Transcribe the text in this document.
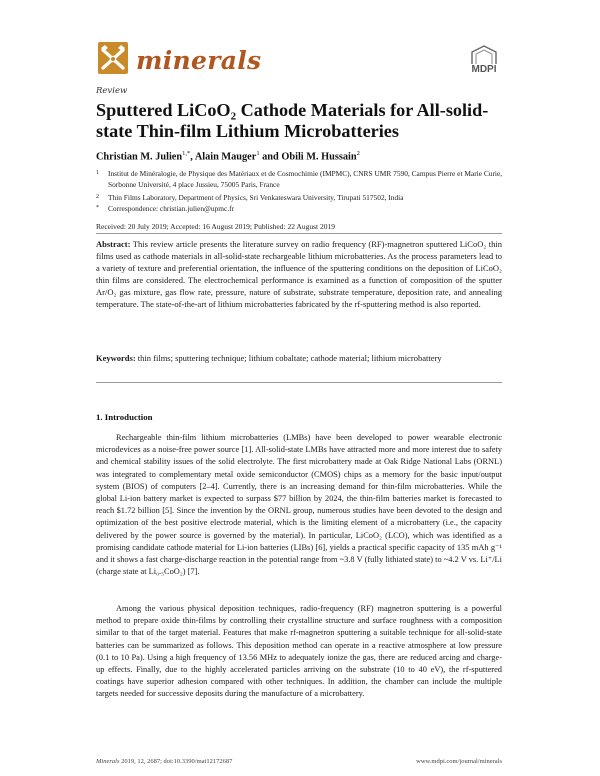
minerals	MDPI
Review
Sputtered LiCoO₂ Cathode Materials for All-solid-state Thin-film Lithium Microbatteries
Christian M. Julien$^{1,*}$, Alain Mauger$^1$ and Obili M. Hussain$^2$
1	Institut de Minéralogie, de Physique des Matériaux et de Cosmochimie (IMPMC), CNRS UMR 7590, Campus Pierre et Marie Curie, Sorbonne Université, 4 place Jussieu, 75005 Paris, France
2	Thin Films Laboratory, Department of Physics, Sri Venkateswara University, Tirupati 517502, India
*	Correspondence: christian.julien@upmc.fr
Received: 20 July 2019; Accepted: 16 August 2019; Published: 22 August 2019
Abstract: This review article presents the literature survey on radio frequency (RF)-magnetron sputtered LiCoO₂ thin films used as cathode materials in all-solid-state rechargeable lithium microbatteries. As the process parameters lead to a variety of texture and preferential orientation, the influence of the sputtering conditions on the deposition of LiCoO₂ thin films are considered. The electrochemical performance is examined as a function of composition of the sputter Ar/O₂ gas mixture, gas flow rate, pressure, nature of substrate, substrate temperature, deposition rate, and annealing temperature. The state-of-the-art of lithium microbatteries fabricated by the rf-sputtering method is also reported.
Keywords: thin films; sputtering technique; lithium cobaltate; cathode material; lithium microbattery
1. Introduction
Rechargeable thin-film lithium microbatteries (LMBs) have been developed to power wearable electronic microdevices as a noise-free power source [1]. All-solid-state LMBs have attracted more and more interest due to safety and chemical stability issues of the solid electrolyte. The first microbattery made at Oak Ridge National Labs (ORNL) was integrated to complementary metal oxide semiconductor (CMOS) chips as a memory for the basic input/output system (BIOS) of computers [2–4]. Currently, there is an increasing demand for thin-film microbatteries. While the global Li-ion battery market is expected to surpass $77 billion by 2024, the thin-film batteries market is forecasted to reach $1.72 billion [5]. Since the invention by the ORNL group, numerous studies have been devoted to the design and optimization of the best positive electrode material, which is the limiting element of a microbattery (i.e., the capacity delivered by the power source is governed by the material). In particular, LiCoO₂ (LCO), which was identified as a promising candidate cathode material for Li-ion batteries (LIBs) [6], yields a practical specific capacity of 135 mAh g⁻¹ and it shows a fast charge-discharge reaction in the potential range from ~3.8 V (fully lithiated state) to ~4.2 V vs. Li⁺/Li (charge state at Li₀.₅CoO₂) [7].
Among the various physical deposition techniques, radio-frequency (RF) magnetron sputtering is a powerful method to prepare oxide thin-films by controlling their crystalline structure and surface roughness with a composition similar to that of the target material. Features that make rf-magnetron sputtering a suitable technique for all-solid-state batteries can be summarized as follows. This deposition method can operate in a reactive atmosphere at low pressure (0.1 to 10 Pa). Using a high frequency of 13.56 MHz to adequately ionize the gas, there are reduced arcing and charge-up effects. Finally, due to the highly accelerated particles arriving on the substrate (10 to 40 eV), the rf-sputtered coatings have superior adhesion compared with other techniques. In addition, the chamber can include the multiple targets needed for successive deposits during the manufacture of a microbattery.
Minerals 2019, 12, 2687; doi:10.3390/mat12172687	www.mdpi.com/journal/minerals
